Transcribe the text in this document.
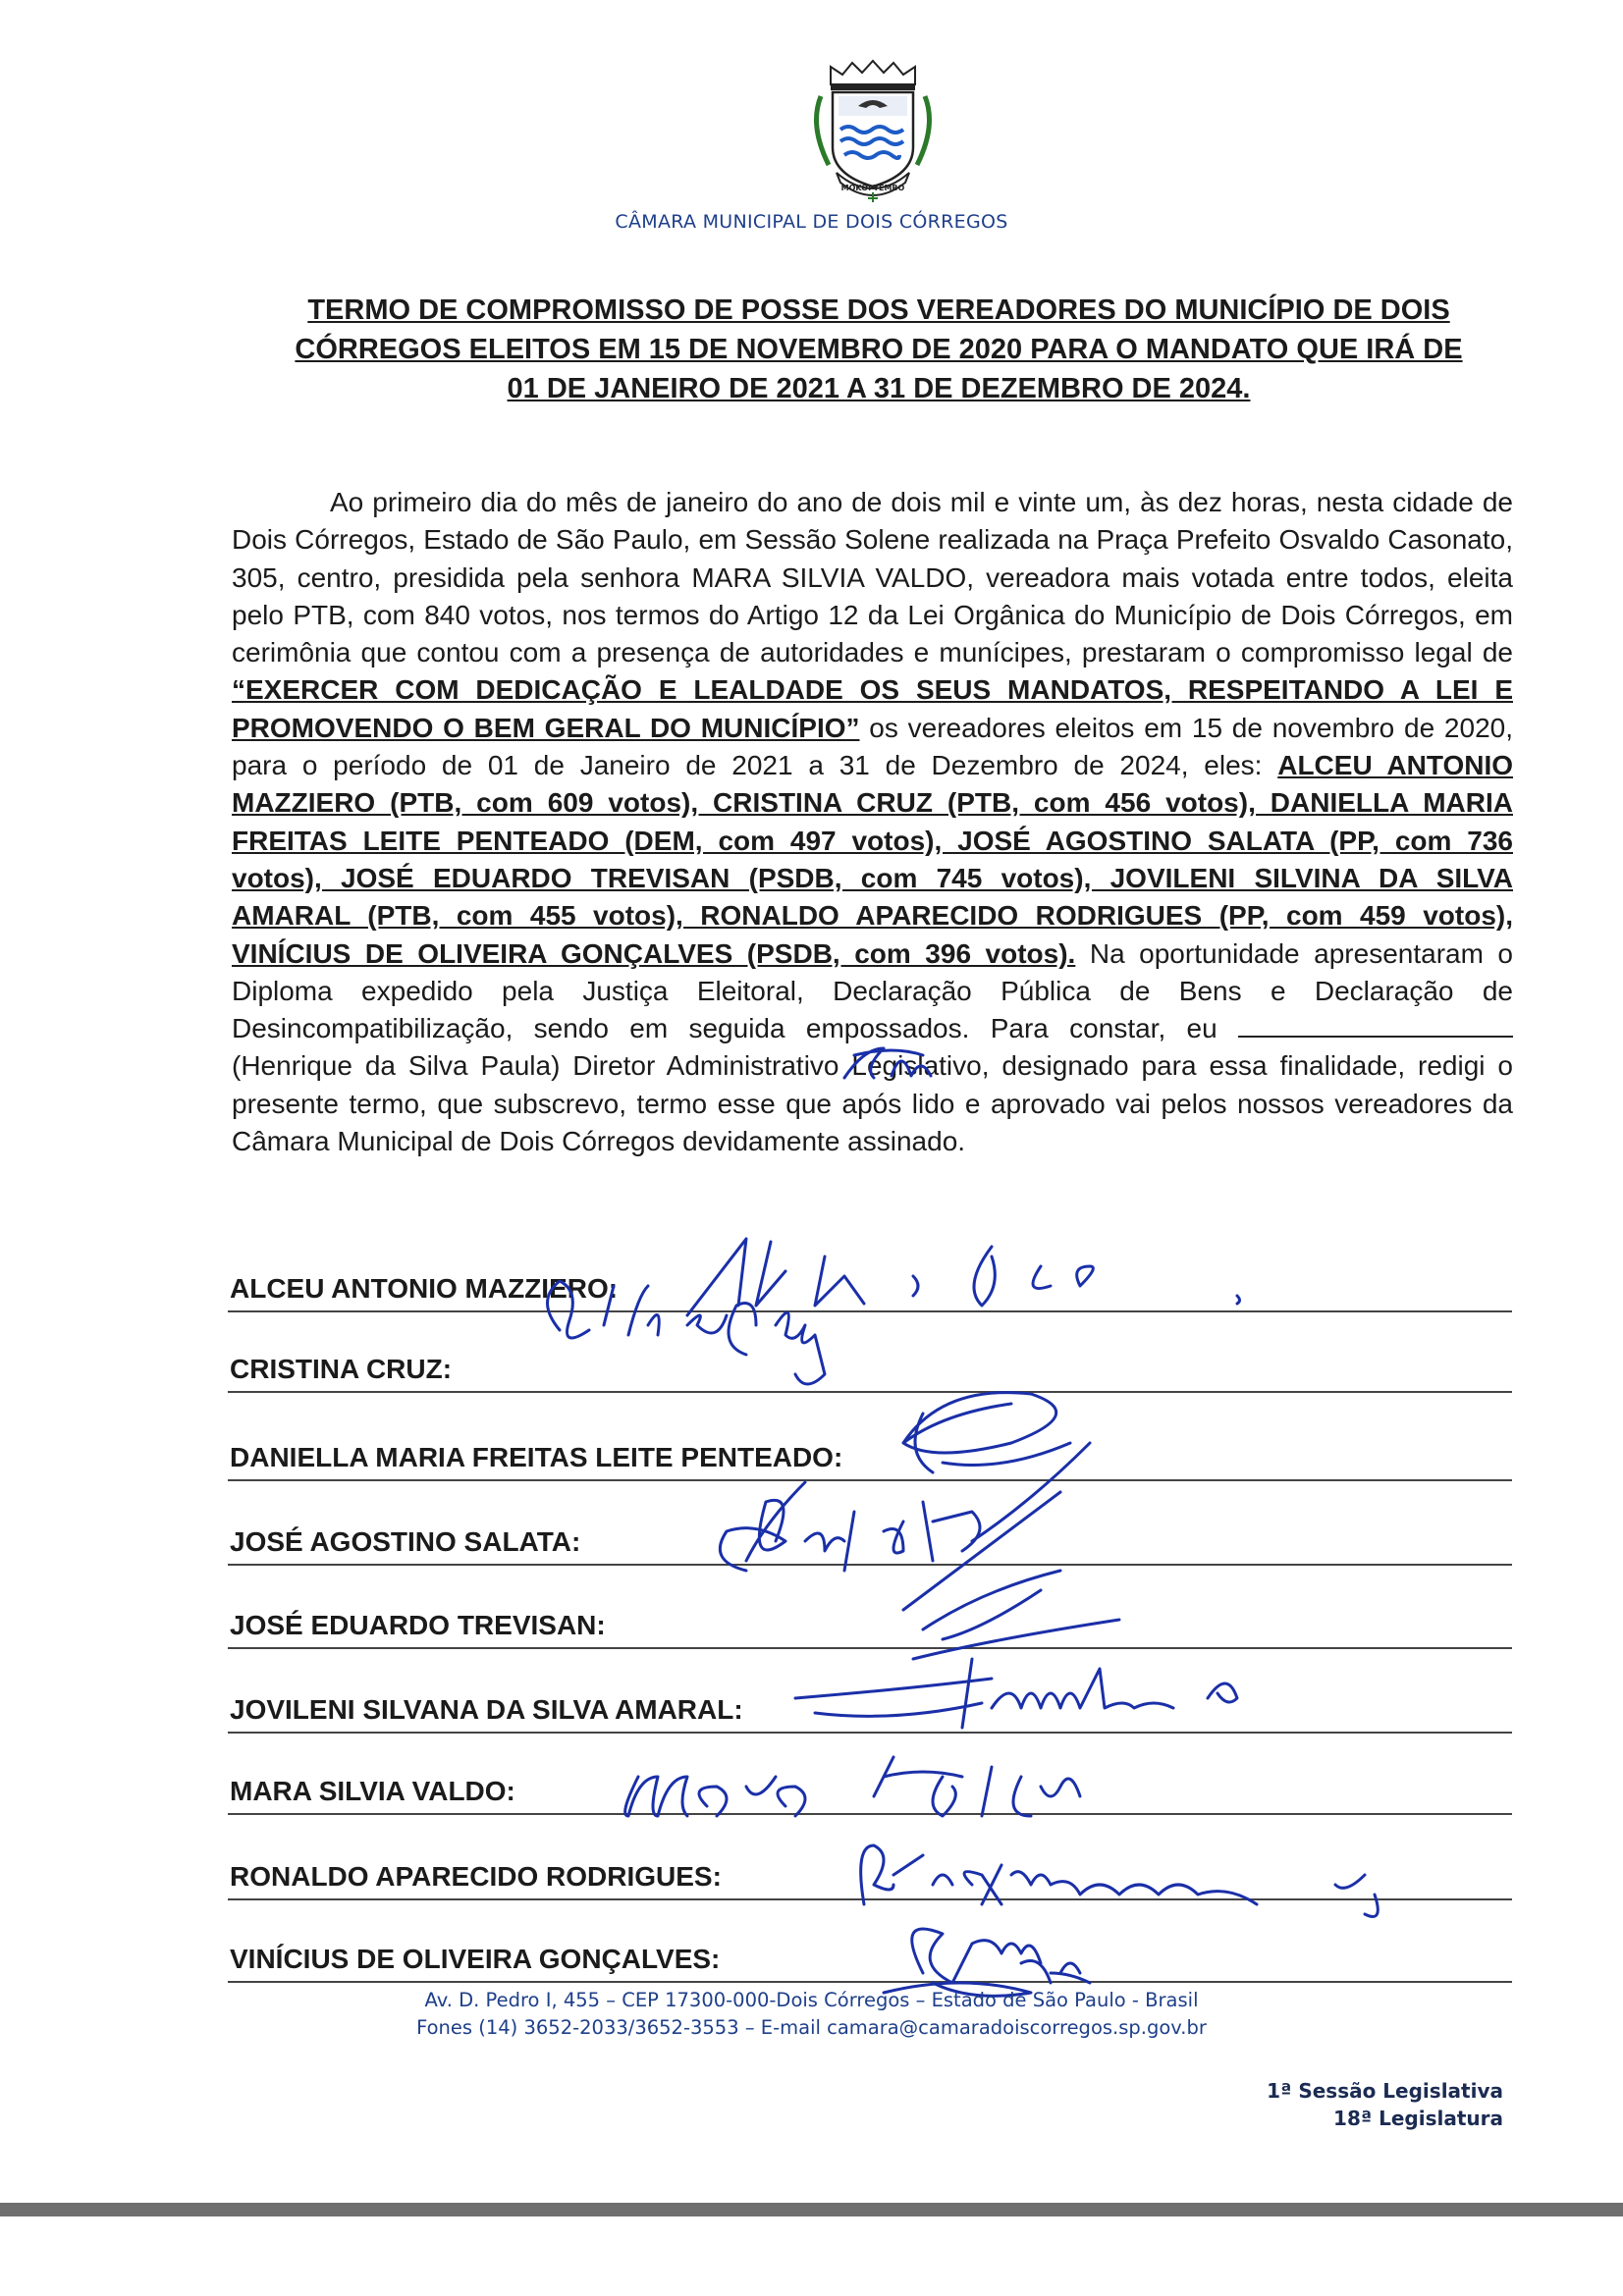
MOKOI-YEMBO
CÂMARA MUNICIPAL DE DOIS CÓRREGOS
TERMO DE COMPROMISSO DE POSSE DOS VEREADORES DO MUNICÍPIO DE DOIS
CÓRREGOS ELEITOS EM 15 DE NOVEMBRO DE 2020 PARA O MANDATO QUE IRÁ DE
01 DE JANEIRO DE 2021 A 31 DE DEZEMBRO DE 2024.
Ao primeiro dia do mês de janeiro do ano de dois mil e vinte um, às dez horas, nesta cidade de Dois Córregos, Estado de São Paulo, em Sessão Solene realizada na Praça Prefeito Osvaldo Casonato, 305, centro, presidida pela senhora MARA SILVIA VALDO, vereadora mais votada entre todos, eleita pelo PTB, com 840 votos, nos termos do Artigo 12 da Lei Orgânica do Município de Dois Córregos, em cerimônia que contou com a presença de autoridades e munícipes, prestaram o compromisso legal de “EXERCER COM DEDICAÇÃO E LEALDADE OS SEUS MANDATOS, RESPEITANDO A LEI E PROMOVENDO O BEM GERAL DO MUNICÍPIO” os vereadores eleitos em 15 de novembro de 2020, para o período de 01 de Janeiro de 2021 a 31 de Dezembro de 2024, eles: ALCEU ANTONIO MAZZIERO (PTB, com 609 votos), CRISTINA CRUZ (PTB, com 456 votos), DANIELLA MARIA FREITAS LEITE PENTEADO (DEM, com 497 votos), JOSÉ AGOSTINO SALATA (PP, com 736 votos), JOSÉ EDUARDO TREVISAN (PSDB, com 745 votos), JOVILENI SILVINA DA SILVA AMARAL (PTB, com 455 votos), RONALDO APARECIDO RODRIGUES (PP, com 459 votos), VINÍCIUS DE OLIVEIRA GONÇALVES (PSDB, com 396 votos). Na oportunidade apresentaram o Diploma expedido pela Justiça Eleitoral, Declaração Pública de Bens e Declaração de Desincompatibilização, sendo em seguida empossados. Para constar, eu  (Henrique da Silva Paula) Diretor Administrativo Legislativo, designado para essa finalidade, redigi o presente termo, que subscrevo, termo esse que após lido e aprovado vai pelos nossos vereadores da Câmara Municipal de Dois Córregos devidamente assinado.
ALCEU ANTONIO MAZZIERO:
CRISTINA CRUZ:
DANIELLA MARIA FREITAS LEITE PENTEADO:
JOSÉ AGOSTINO SALATA:
JOSÉ EDUARDO TREVISAN:
JOVILENI SILVANA DA SILVA AMARAL:
MARA SILVIA VALDO:
RONALDO APARECIDO RODRIGUES:
VINÍCIUS DE OLIVEIRA GONÇALVES:
Av. D. Pedro I, 455 – CEP 17300-000-Dois Córregos – Estado de São Paulo - Brasil
Fones (14) 3652-2033/3652-3553 – E-mail camara@camaradoiscorregos.sp.gov.br
1ª Sessão Legislativa
18ª Legislatura
